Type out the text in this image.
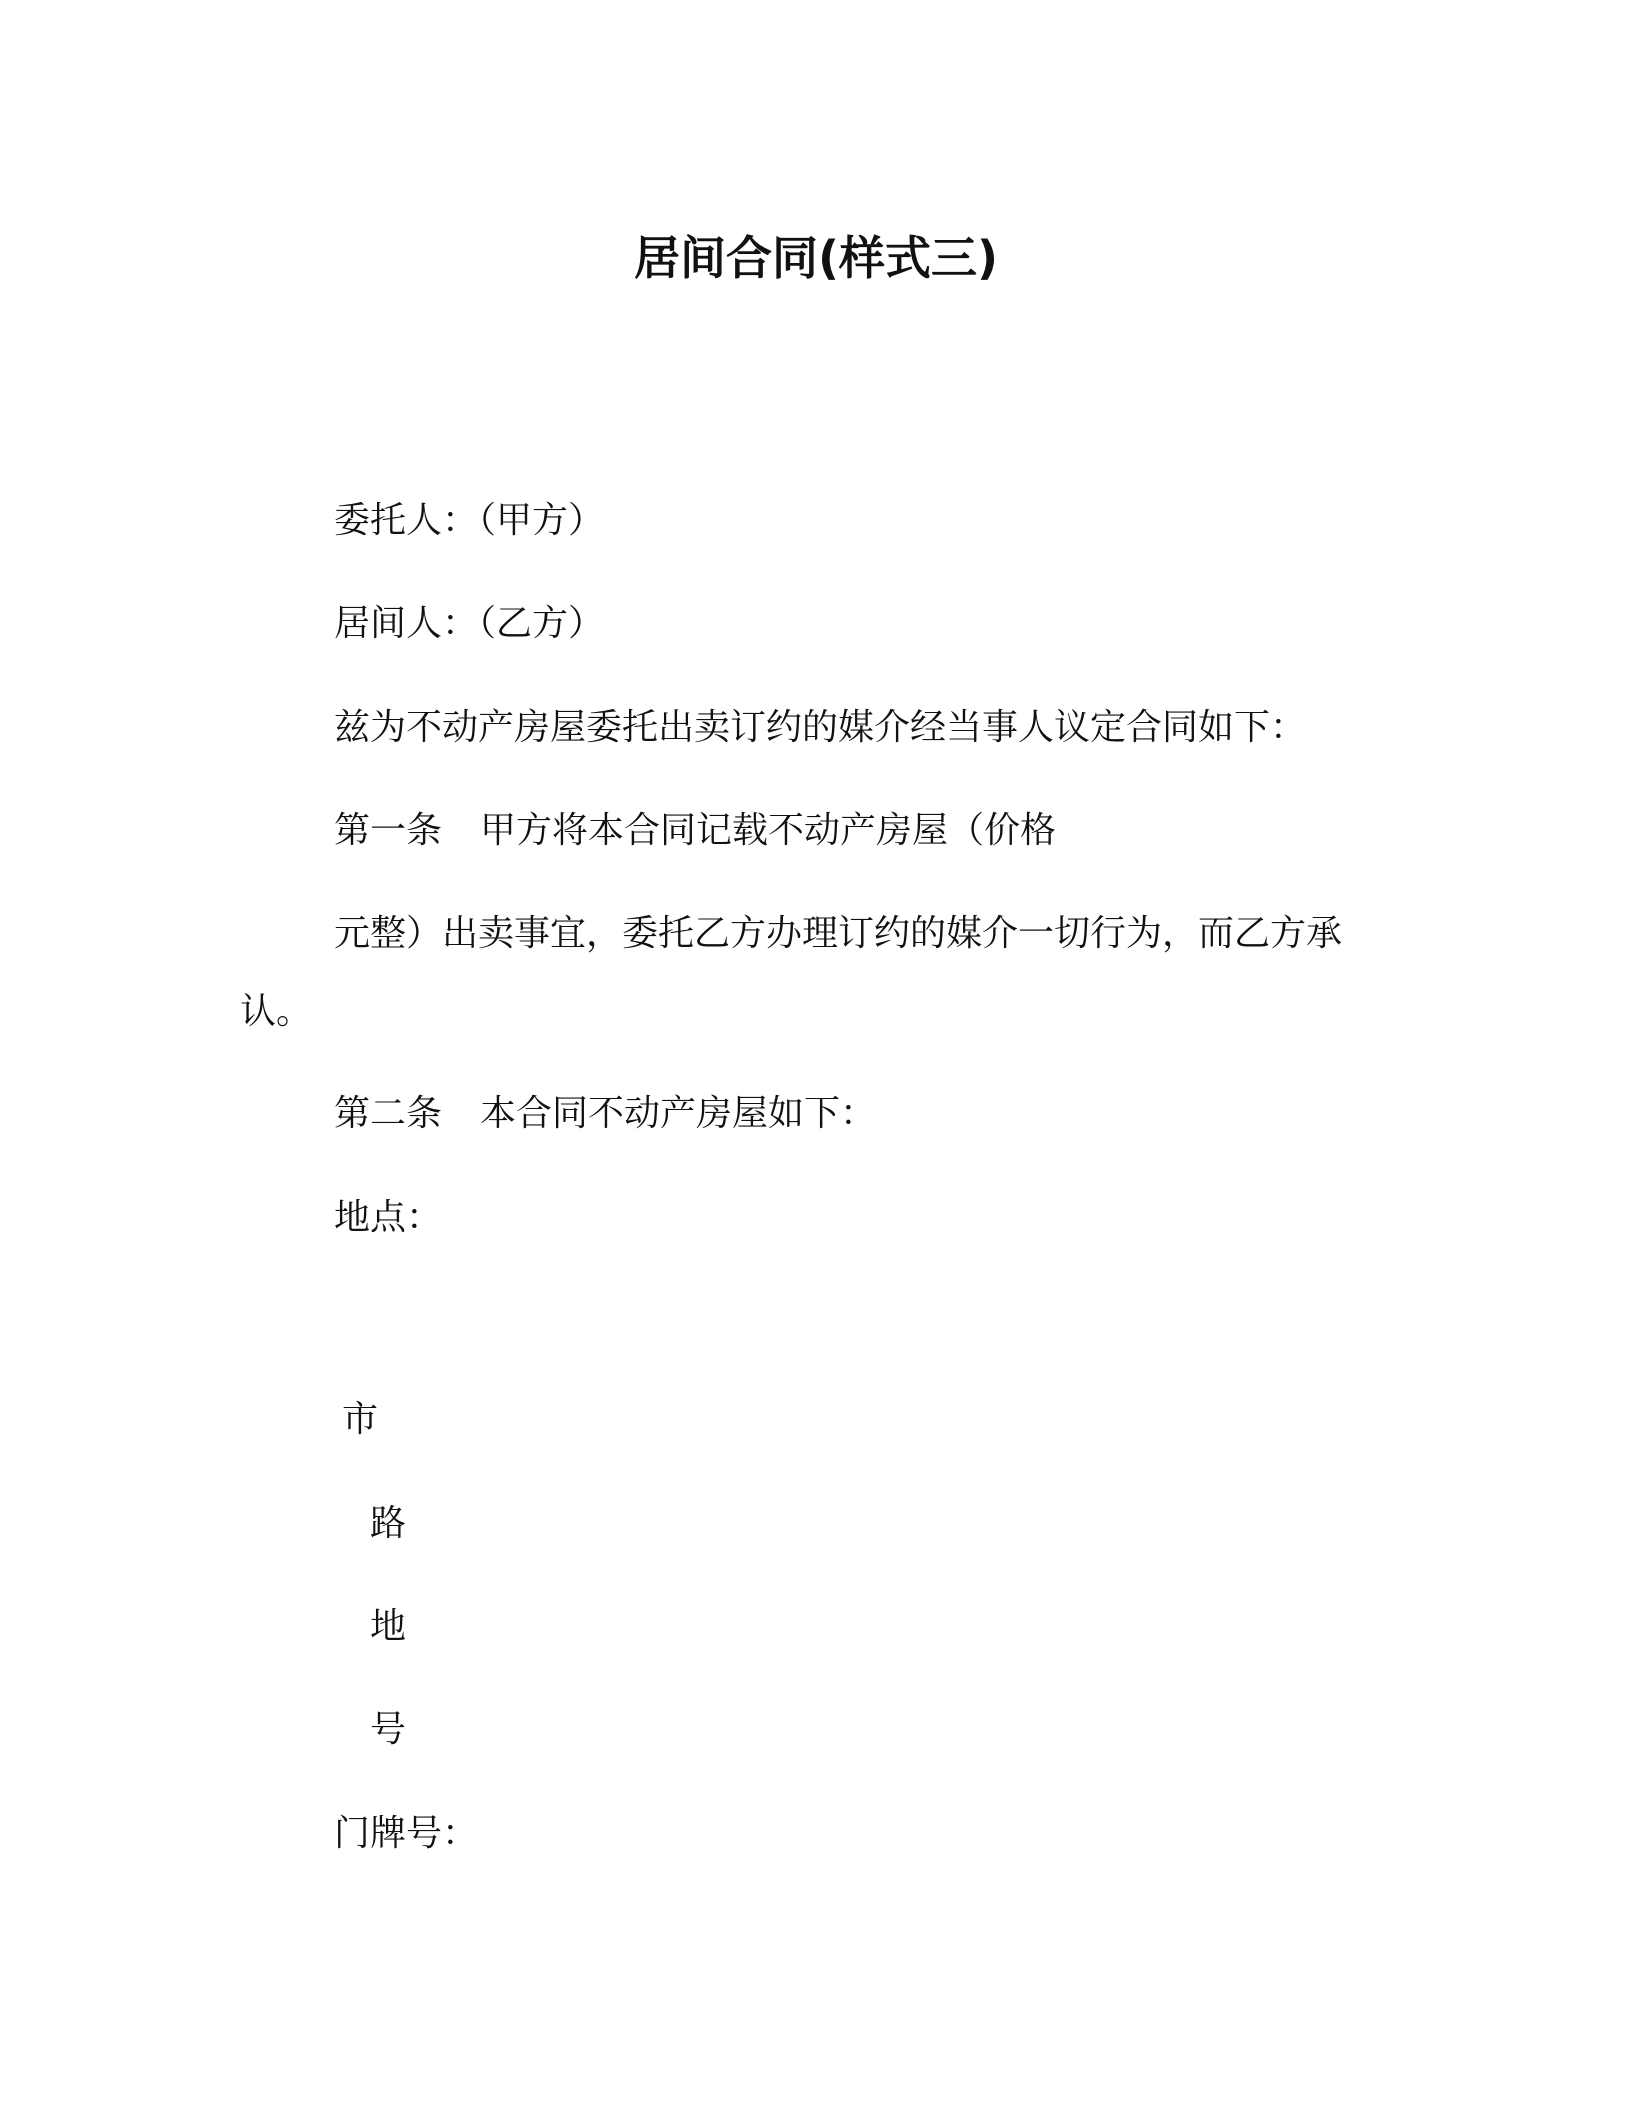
居间合同(样式三)
委托人：（甲方）
居间人：（乙方）
兹为不动产房屋委托出卖订约的媒介经当事人议定合同如下：
第一条 甲方将本合同记载不动产房屋（价格
元整）出卖事宜，委托乙方办理订约的媒介一切行为，而乙方承
认。
第二条 本合同不动产房屋如下：
地点：
市
路
地
号
门牌号：
